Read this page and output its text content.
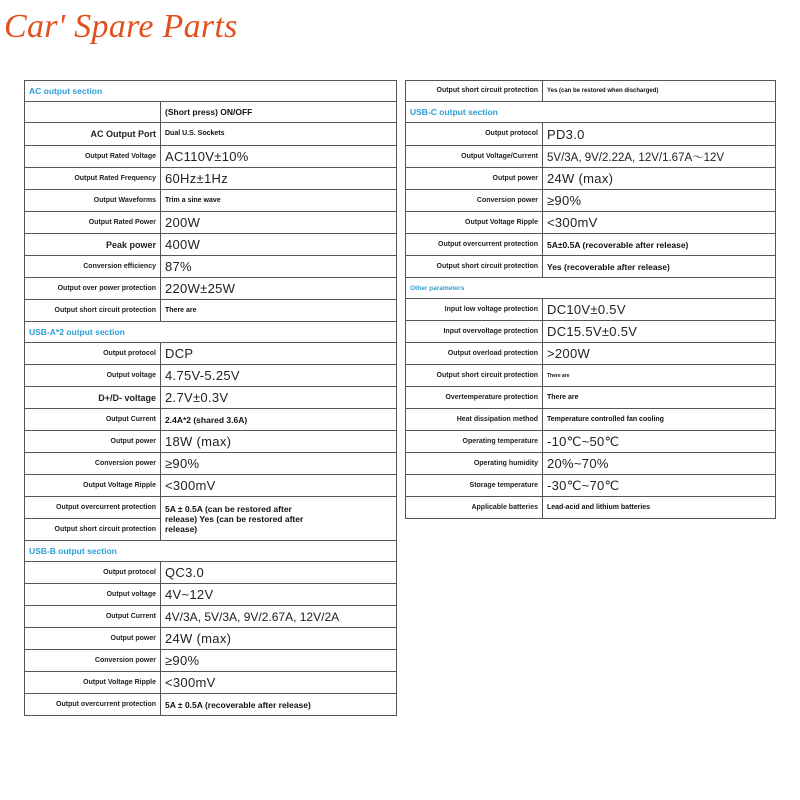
Car' Spare Parts
AC output section	
	(Short press) ON/OFF
AC Output Port	Dual U.S. Sockets
Output Rated Voltage	AC110V±10%
Output Rated Frequency	60Hz±1Hz
Output Waveforms	Trim a sine wave
Output Rated Power	200W
Peak power	400W
Conversion efficiency	87%
Output over power protection	220W±25W
Output short circuit protection	There are
USB-A*2 output section	
Output protocol	DCP
Output voltage	4.75V-5.25V
D+/D- voltage	2.7V±0.3V
Output Current	2.4A*2 (shared 3.6A)
Output power	18W (max)
Conversion power	≥90%
Output Voltage Ripple	<300mV
Output overcurrent protection	5A ± 0.5A (can be restored after release) Yes (can be restored after release)
Output short circuit protection	
USB-B output section	
Output protocol	QC3.0
Output voltage	4V~12V
Output Current	4V/3A, 5V/3A, 9V/2.67A, 12V/2A
Output power	24W (max)
Conversion power	≥90%
Output Voltage Ripple	<300mV
Output overcurrent protection	5A ± 0.5A (recoverable after release)
Output short circuit protection	Yes (can be restored when discharged)
USB-C output section	
Output protocol	PD3.0
Output Voltage/Current	5V/3A, 9V/2.22A, 12V/1.67A～12V
Output power	24W (max)
Conversion power	≥90%
Output Voltage Ripple	<300mV
Output overcurrent protection	5A±0.5A (recoverable after release)
Output short circuit protection	Yes (recoverable after release)
Other parameters	
Input low voltage protection	DC10V±0.5V
Input overvoltage protection	DC15.5V±0.5V
Output overload protection	>200W
Output short circuit protection	There are
Overtemperature protection	There are
Heat dissipation method	Temperature controlled fan cooling
Operating temperature	-10℃~50℃
Operating humidity	20%~70%
Storage temperature	-30℃~70℃
Applicable batteries	Lead-acid and lithium batteries
